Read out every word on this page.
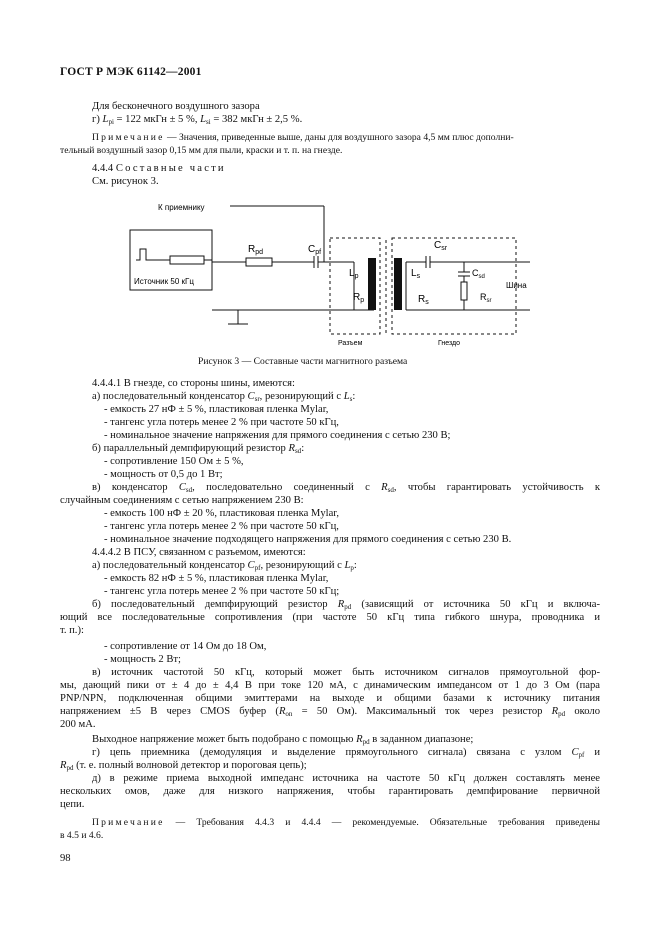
ГОСТ Р МЭК 61142—2001
Для бесконечного воздушного зазора
г) $L_{pi} = 122$ мкГн ± 5 %, $L_{si} = 382$ мкГн ± 2,5 %.
Примечание — Значения, приведенные выше, даны для воздушного зазора 4,5 мм плюс дополни-
тельный воздушный зазор 0,15 мм для пыли, краски и т. п. на гнезде.
4.4.4 Составные части
См. рисунок 3.
К приемнику
Источник 50 кГц
$R_{pd}$	$C_{pf}$
$C_{sr}$
$C_{sd}$
$L_p$
$R_p$
$L_s$
$R_s$
$R_{sr}$
Шина
Разъем	Гнездо
Рисунок 3 — Составные части магнитного разъема
4.4.4.1 В гнезде, со стороны шины, имеются:
а) последовательный конденсатор $C_{sr}$, резонирующий с $L_s$:
- емкость 27 нФ ± 5 %, пластиковая пленка Mylar,
- тангенс угла потерь менее 2 % при частоте 50 кГц,
- номинальное значение напряжения для прямого соединения с сетью 230 В;
б) параллельный демпфирующий резистор $R_{sd}$:
- сопротивление 150 Ом ± 5 %,
- мощность от 0,5 до 1 Вт;
в) конденсатор $C_{sd}$, последовательно соединенный с $R_{sd}$, чтобы гарантировать устойчивость к
случайным соединениям с сетью напряжением 230 В:
- емкость 100 нФ ± 20 %, пластиковая пленка Mylar,
- тангенс угла потерь менее 2 % при частоте 50 кГц,
- номинальное значение подходящего напряжения для прямого соединения с сетью 230 В.
4.4.4.2 В ПСУ, связанном с разъемом, имеются:
а) последовательный конденсатор $C_{pf}$, резонирующий с $L_p$:
- емкость 82 нФ ± 5 %, пластиковая пленка Mylar,
- тангенс угла потерь менее 2 % при частоте 50 кГц;
б) последовательный демпфирующий резистор $R_{pd}$ (зависящий от источника 50 кГц и включа-
ющий все последовательные сопротивления (при частоте 50 кГц типа гибкого шнура, проводника и
т. п.):
- сопротивление от 14 Ом до 18 Ом,
- мощность 2 Вт;
в) источник частотой 50 кГц, который может быть источником сигналов прямоугольной фор-
мы, дающий пики от ± 4 до ± 4,4 В при токе 120 мА, с динамическим импедансом от 1 до 3 Ом (пара
PNP/NPN, подключенная общими эмиттерами на выходе и общими базами к источнику питания
напряжением ±5 В через CMOS буфер ($R_{on} = 50$ Ом). Максимальный ток через резистор $R_{pd}$ около
200 мА.
Выходное напряжение может быть подобрано с помощью $R_{pd}$ в заданном диапазоне;
г) цепь приемника (демодуляция и выделение прямоугольного сигнала) связана с узлом $C_{pf}$ и
$R_{pd}$ (т. е. полный волновой детектор и пороговая цепь);
д) в режиме приема выходной импеданс источника на частоте 50 кГц должен составлять менее
нескольких омов, даже для низкого напряжения, чтобы гарантировать демпфирование первичной
цепи.
Примечание — Требования 4.4.3 и 4.4.4 — рекомендуемые. Обязательные требования приведены
в 4.5 и 4.6.
98
